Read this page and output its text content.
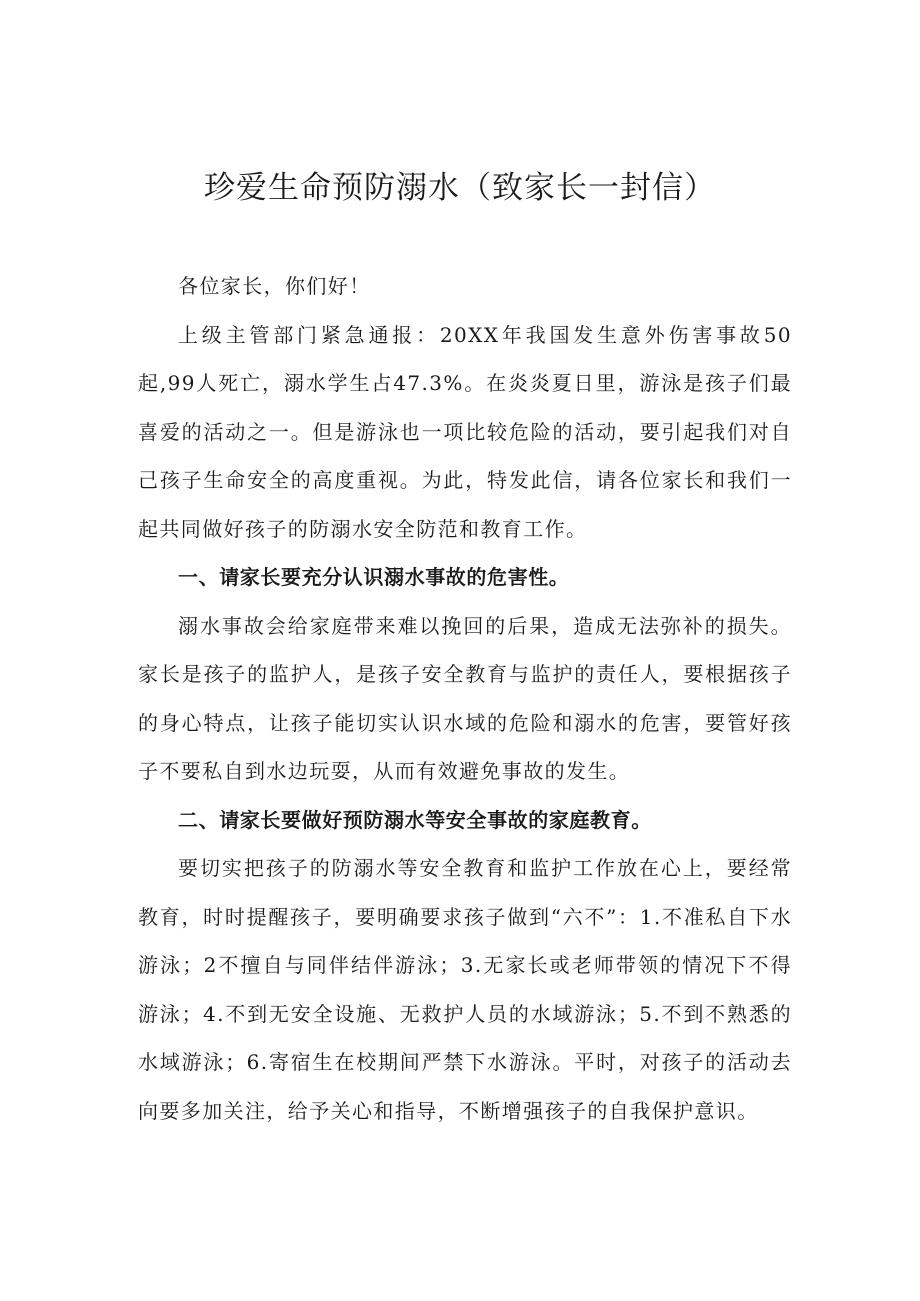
珍爱生命预防溺水（致家长一封信）

各位家长，你们好！

上级主管部门紧急通报：20XX年我国发生意外伤害事故50起,99人死亡，溺水学生占47.3%。在炎炎夏日里，游泳是孩子们最喜爱的活动之一。但是游泳也一项比较危险的活动，要引起我们对自己孩子生命安全的高度重视。为此，特发此信，请各位家长和我们一起共同做好孩子的防溺水安全防范和教育工作。

一、请家长要充分认识溺水事故的危害性。

溺水事故会给家庭带来难以挽回的后果，造成无法弥补的损失。家长是孩子的监护人，是孩子安全教育与监护的责任人，要根据孩子的身心特点，让孩子能切实认识水域的危险和溺水的危害，要管好孩子不要私自到水边玩耍，从而有效避免事故的发生。

二、请家长要做好预防溺水等安全事故的家庭教育。

要切实把孩子的防溺水等安全教育和监护工作放在心上，要经常教育，时时提醒孩子，要明确要求孩子做到“六不”：1.不准私自下水游泳；2不擅自与同伴结伴游泳；3.无家长或老师带领的情况下不得游泳；4.不到无安全设施、无救护人员的水域游泳；5.不到不熟悉的水域游泳；6.寄宿生在校期间严禁下水游泳。平时，对孩子的活动去向要多加关注，给予关心和指导，不断增强孩子的自我保护意识。
